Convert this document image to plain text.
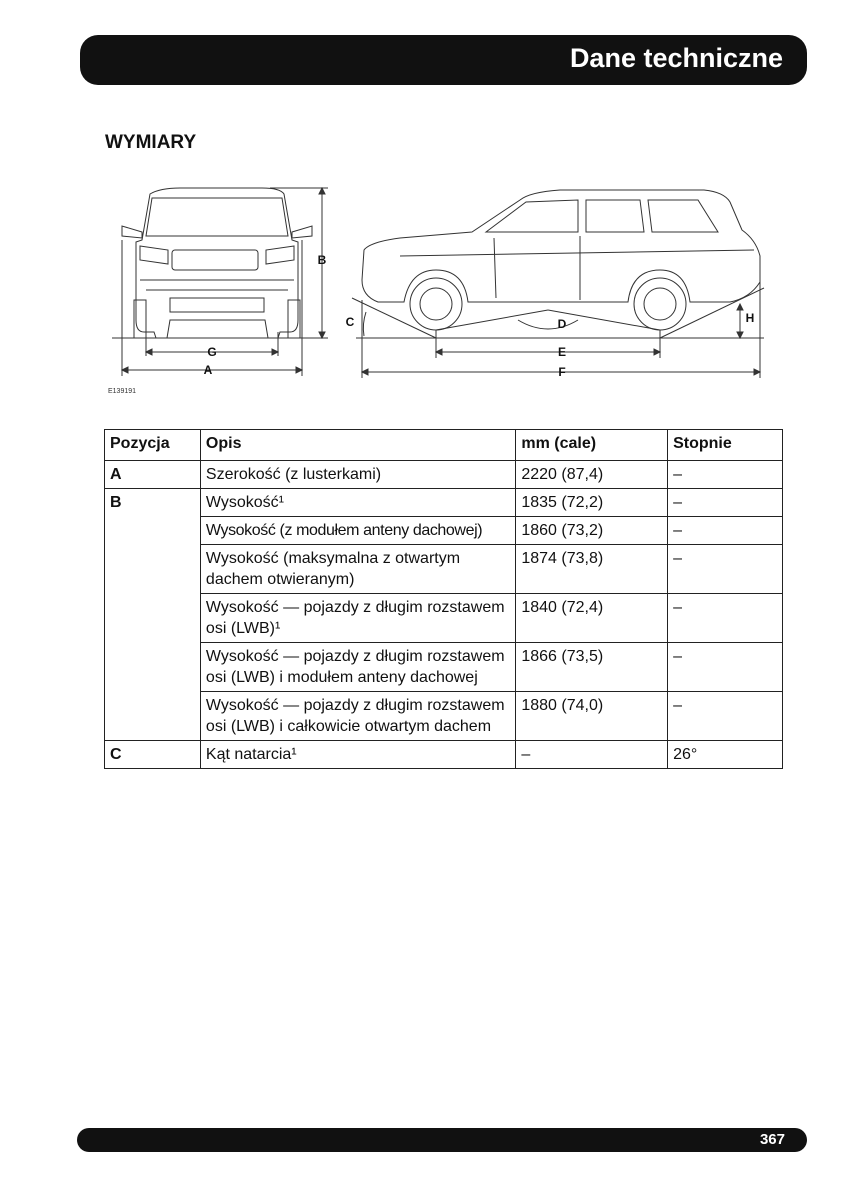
Dane techniczne
WYMIARY
A
B
C	D
E
F
G
H
E139191
Pozycja	Opis	mm (cale)	Stopnie
A	Szerokość (z lusterkami)	2220 (87,4)	–
B	Wysokość¹	1835 (72,2)	–
	Wysokość (z modułem anteny dachowej)	1860 (73,2)	–
	Wysokość (maksymalna z otwartym dachem otwieranym)	1874 (73,8)	–
	Wysokość — pojazdy z długim rozstawem osi (LWB)¹	1840 (72,4)	–
	Wysokość — pojazdy z długim rozstawem osi (LWB) i modułem anteny dachowej	1866 (73,5)	–
	Wysokość — pojazdy z długim rozstawem osi (LWB) i całkowicie otwartym dachem	1880 (74,0)	–
C	Kąt natarcia¹	–	26°
367
